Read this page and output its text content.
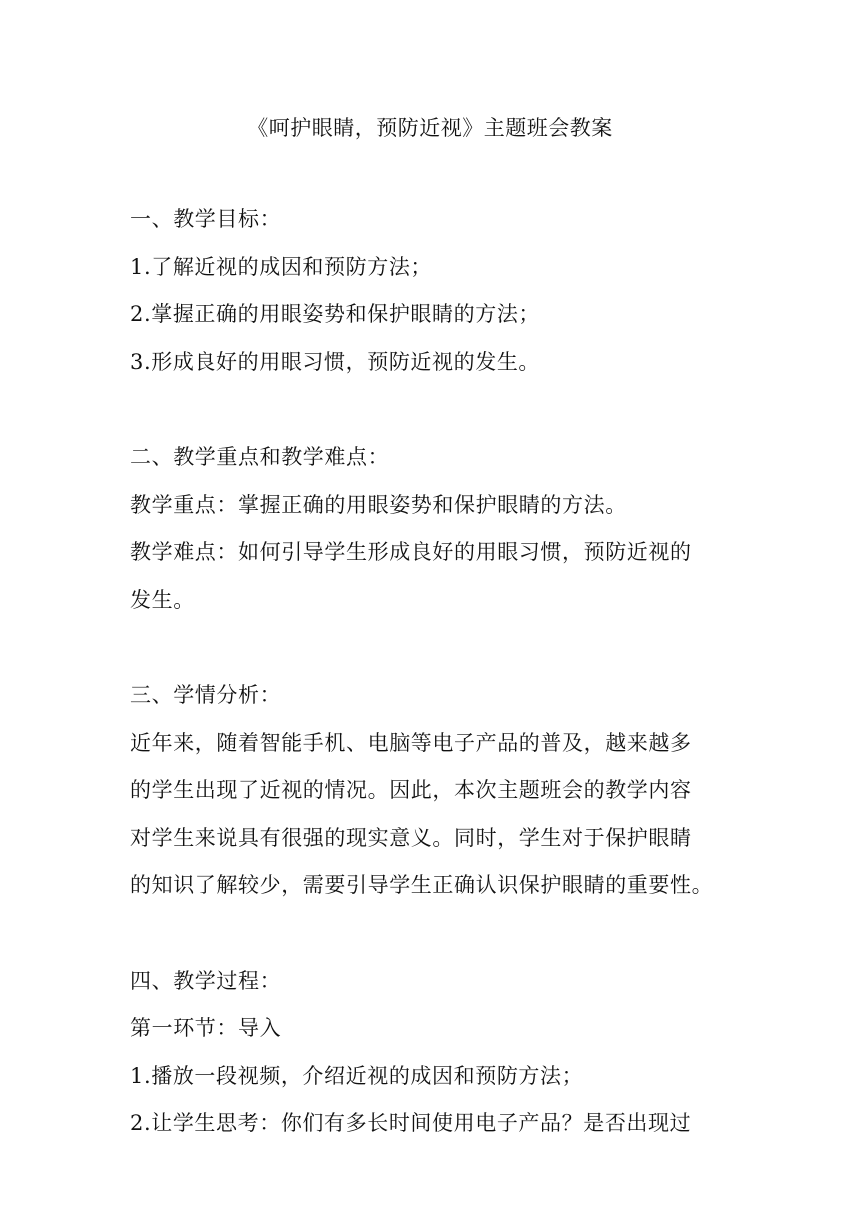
《呵护眼睛，预防近视》主题班会教案
一、教学目标：
1.了解近视的成因和预防方法；
2.掌握正确的用眼姿势和保护眼睛的方法；
3.形成良好的用眼习惯，预防近视的发生。
二、教学重点和教学难点：
教学重点：掌握正确的用眼姿势和保护眼睛的方法。
教学难点：如何引导学生形成良好的用眼习惯，预防近视的
发生。
三、学情分析：
近年来，随着智能手机、电脑等电子产品的普及，越来越多
的学生出现了近视的情况。因此，本次主题班会的教学内容
对学生来说具有很强的现实意义。同时，学生对于保护眼睛
的知识了解较少，需要引导学生正确认识保护眼睛的重要性。
四、教学过程：
第一环节：导入
1.播放一段视频，介绍近视的成因和预防方法；
2.让学生思考：你们有多长时间使用电子产品？是否出现过
